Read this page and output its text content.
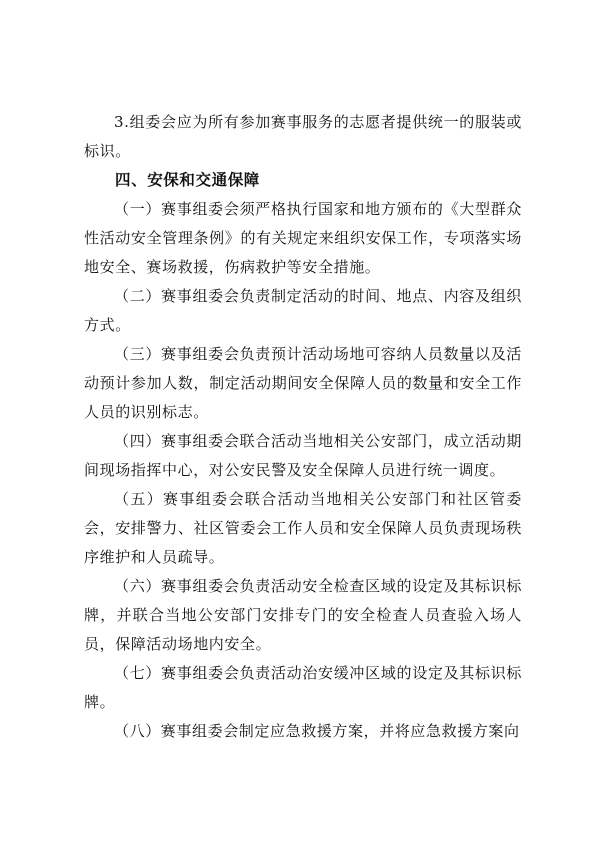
3.组委会应为所有参加赛事服务的志愿者提供统一的服装或标识。

四、安保和交通保障

（一）赛事组委会须严格执行国家和地方颁布的《大型群众性活动安全管理条例》的有关规定来组织安保工作，专项落实场地安全、赛场救援，伤病救护等安全措施。

（二）赛事组委会负责制定活动的时间、地点、内容及组织方式。

（三）赛事组委会负责预计活动场地可容纳人员数量以及活动预计参加人数，制定活动期间安全保障人员的数量和安全工作人员的识别标志。

（四）赛事组委会联合活动当地相关公安部门，成立活动期间现场指挥中心，对公安民警及安全保障人员进行统一调度。

（五）赛事组委会联合活动当地相关公安部门和社区管委会，安排警力、社区管委会工作人员和安全保障人员负责现场秩序维护和人员疏导。

（六）赛事组委会负责活动安全检查区域的设定及其标识标牌，并联合当地公安部门安排专门的安全检查人员查验入场人员，保障活动场地内安全。

（七）赛事组委会负责活动治安缓冲区域的设定及其标识标牌。

（八）赛事组委会制定应急救援方案，并将应急救援方案向
